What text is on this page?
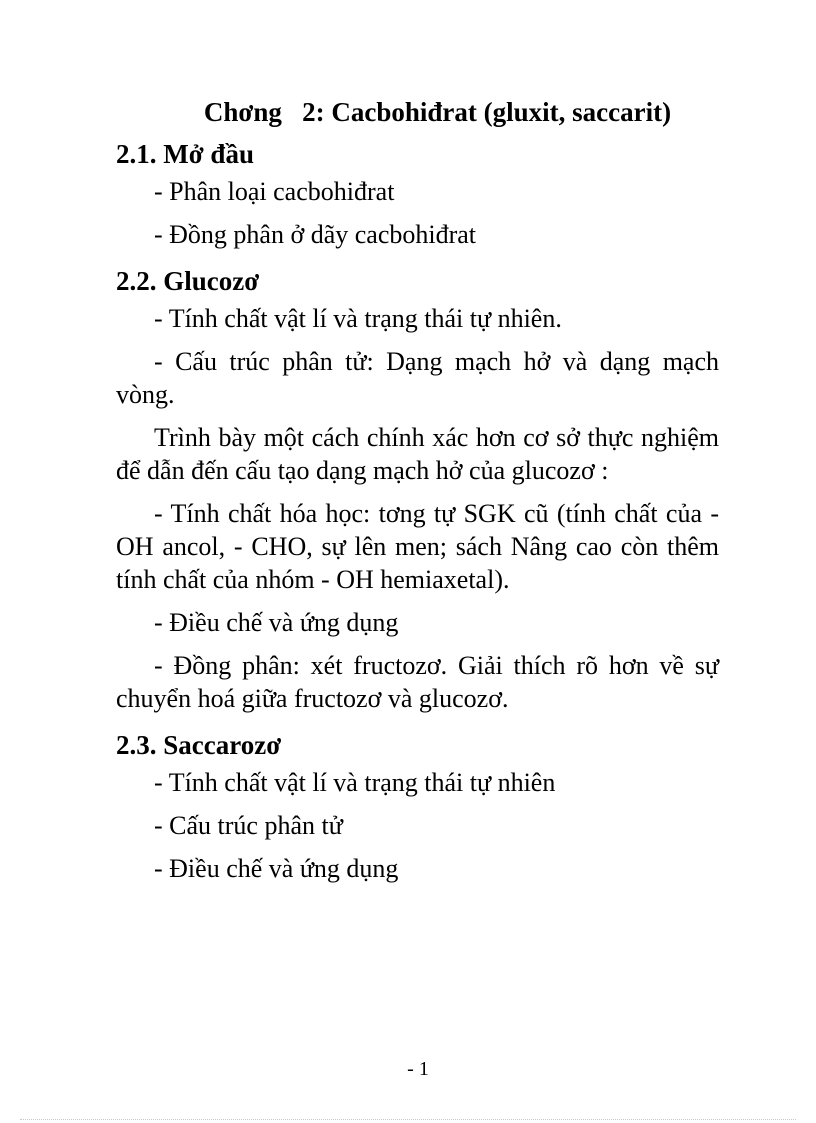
Chơng   2: Cacbohiđrat (gluxit, saccarit)
2.1. Mở đầu
- Phân loại cacbohiđrat
- Đồng phân ở dãy cacbohiđrat
2.2. Glucozơ
- Tính chất vật lí và trạng thái tự nhiên.
- Cấu trúc phân tử: Dạng mạch hở và dạng mạch vòng.
Trình bày một cách chính xác hơn cơ sở thực nghiệm để dẫn đến cấu tạo dạng mạch hở của glucozơ :
- Tính chất hóa học: tơng tự SGK cũ (tính chất của -OH ancol, - CHO, sự lên men; sách Nâng cao còn thêm tính chất của nhóm - OH hemiaxetal).
- Điều chế và ứng dụng
- Đồng phân: xét fructozơ. Giải thích rõ hơn về sự chuyển hoá giữa fructozơ và glucozơ.
2.3. Saccarozơ
- Tính chất vật lí và trạng thái tự nhiên
- Cấu trúc phân tử
- Điều chế và ứng dụng
- 1
